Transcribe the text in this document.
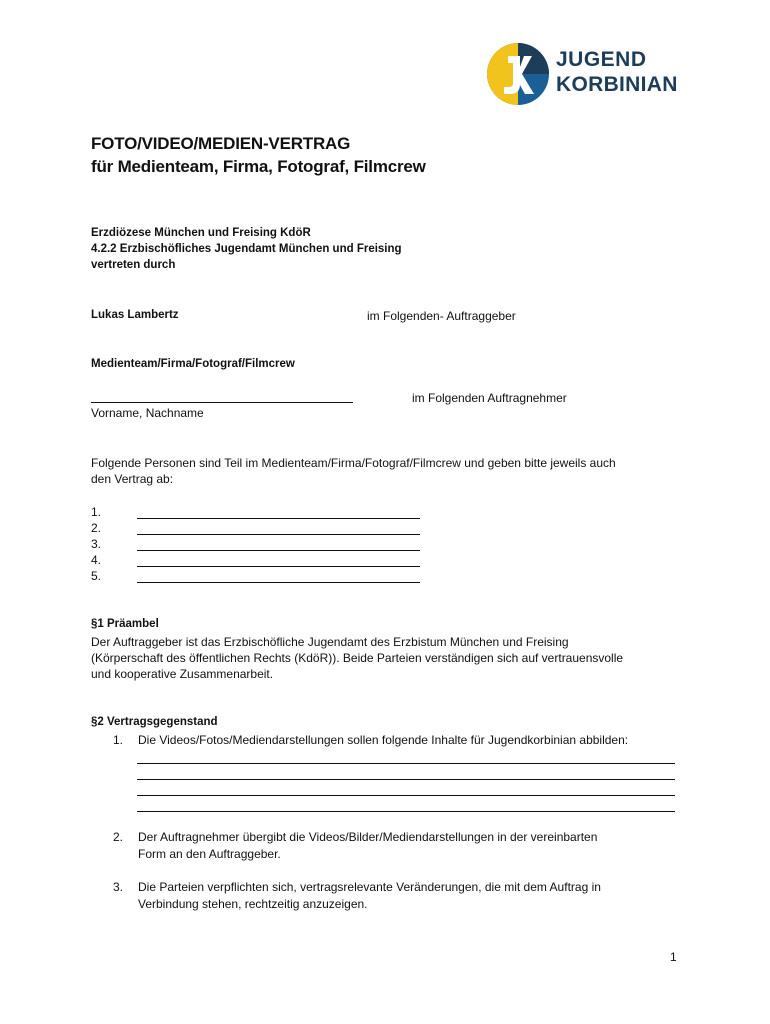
JUGEND
KORBINIAN
FOTO/VIDEO/MEDIEN-VERTRAG
für Medienteam, Firma, Fotograf, Filmcrew
Erzdiözese München und Freising KdöR
4.2.2 Erzbischöfliches Jugendamt München und Freising
vertreten durch
Lukas Lambertz	im Folgenden- Auftraggeber
Medienteam/Firma/Fotograf/Filmcrew
im Folgenden Auftragnehmer
Vorname, Nachname
Folgende Personen sind Teil im Medienteam/Firma/Fotograf/Filmcrew und geben bitte jeweils auch
den Vertrag ab:
1.
2.
3.
4.
5.
§1 Präambel
Der Auftraggeber ist das Erzbischöfliche Jugendamt des Erzbistum München und Freising
(Körperschaft des öffentlichen Rechts (KdöR)). Beide Parteien verständigen sich auf vertrauensvolle
und kooperative Zusammenarbeit.
§2 Vertragsgegenstand
1. Die Videos/Fotos/Mediendarstellungen sollen folgende Inhalte für Jugendkorbinian abbilden:
2. Der Auftragnehmer übergibt die Videos/Bilder/Mediendarstellungen in der vereinbarten
Form an den Auftraggeber.
3. Die Parteien verpflichten sich, vertragsrelevante Veränderungen, die mit dem Auftrag in
Verbindung stehen, rechtzeitig anzuzeigen.
1
